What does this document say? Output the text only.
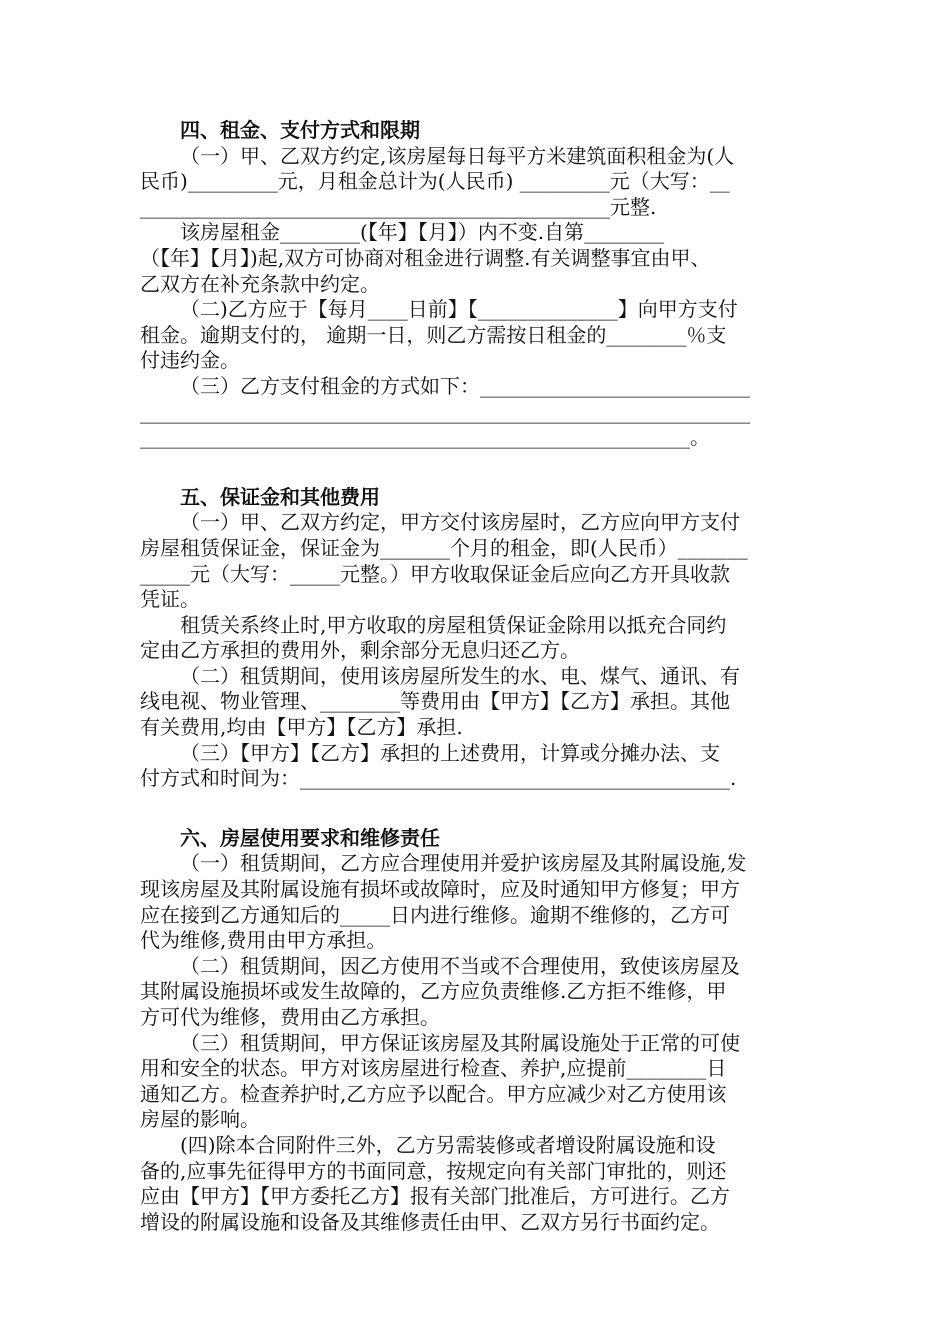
四、租金、支付方式和限期
（一）甲、乙双方约定,该房屋每日每平方米建筑面积租金为(人
民币)_________元，月租金总计为(人民币) _________元（大写：__
_______________________________________________元整.
该房屋租金________(【年】【月】）内不变.自第________
（【年】【月】)起,双方可协商对租金进行调整.有关调整事宜由甲、
乙双方在补充条款中约定。
（二)乙方应于【每月____日前】【______________】向甲方支付
租金。逾期支付的， 逾期一日，则乙方需按日租金的________％支
付违约金。
（三）乙方支付租金的方式如下：___________________________
_____________________________________________________________
_______________________________________________________。
五、保证金和其他费用
（一）甲、乙双方约定，甲方交付该房屋时，乙方应向甲方支付
房屋租赁保证金，保证金为_______个月的租金，即(人民币）_______
_____元（大写：_____元整。）甲方收取保证金后应向乙方开具收款
凭证。
租赁关系终止时,甲方收取的房屋租赁保证金除用以抵充合同约
定由乙方承担的费用外，剩余部分无息归还乙方。
（二）租赁期间，使用该房屋所发生的水、电、煤气、通讯、有
线电视、物业管理、________等费用由【甲方】【乙方】承担。其他
有关费用,均由【甲方】【乙方】承担.
（三）【甲方】【乙方】承担的上述费用，计算或分摊办法、支
付方式和时间为：___________________________________________.
六、房屋使用要求和维修责任
（一）租赁期间，乙方应合理使用并爱护该房屋及其附属设施,发
现该房屋及其附属设施有损坏或故障时，应及时通知甲方修复；甲方
应在接到乙方通知后的_____日内进行维修。逾期不维修的，乙方可
代为维修,费用由甲方承担。
（二）租赁期间，因乙方使用不当或不合理使用，致使该房屋及
其附属设施损坏或发生故障的，乙方应负责维修.乙方拒不维修，甲
方可代为维修，费用由乙方承担。
（三）租赁期间，甲方保证该房屋及其附属设施处于正常的可使
用和安全的状态。甲方对该房屋进行检查、养护,应提前________日
通知乙方。检查养护时,乙方应予以配合。甲方应减少对乙方使用该
房屋的影响。
(四)除本合同附件三外，乙方另需装修或者增设附属设施和设
备的,应事先征得甲方的书面同意，按规定向有关部门审批的，则还
应由【甲方】【甲方委托乙方】报有关部门批准后，方可进行。乙方
增设的附属设施和设备及其维修责任由甲、乙双方另行书面约定。
